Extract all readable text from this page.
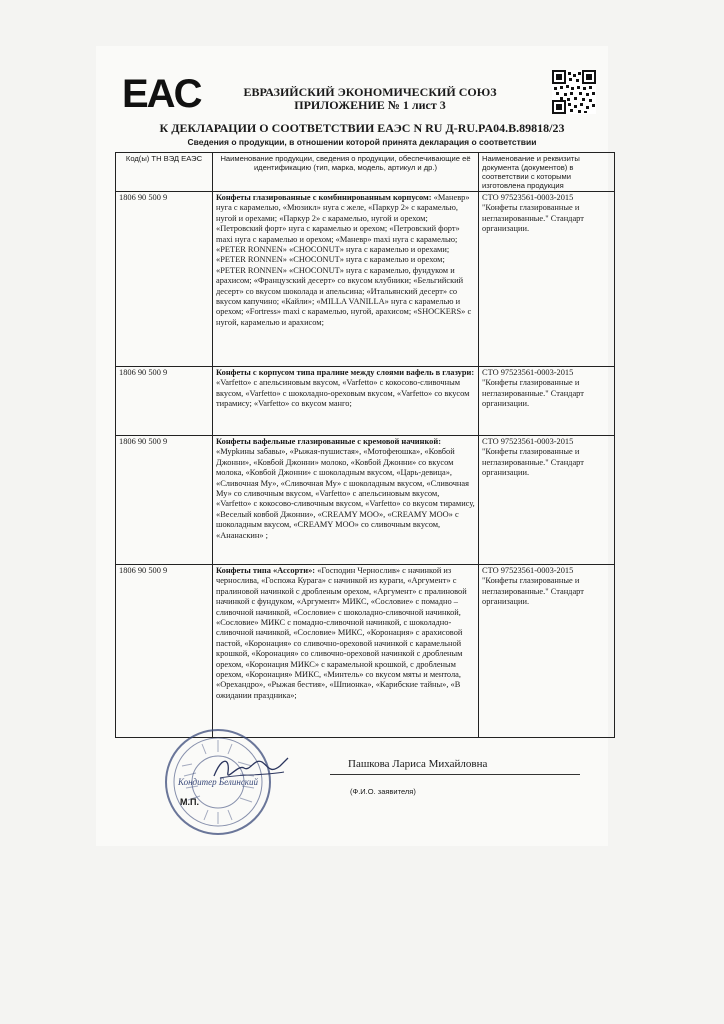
EAC	ЕВРАЗИЙСКИЙ ЭКОНОМИЧЕСКИЙ СОЮЗ
ПРИЛОЖЕНИЕ № 1 лист 3
К ДЕКЛАРАЦИИ О СООТВЕТСТВИИ ЕАЭС N RU Д-RU.PA04.B.89818/23
Сведения о продукции, в отношении которой принята декларация о соответствии
Код(ы) ТН ВЭД ЕАЭС	Наименование продукции, сведения о продукции, обеспечивающие её идентификацию (тип, марка, модель, артикул и др.)	Наименование и реквизиты документа (документов) в соответствии с которыми изготовлена продукция
1806 90 500 9	Конфеты глазированные с комбинированным корпусом: «Маневр» нуга с карамелью, «Мюзикл» нуга с желе, «Паркур 2» с карамелью, нугой и орехами; «Паркур 2» с карамелью, нугой и орехом; «Петровский форт» нуга с карамелью и орехом; «Петровский форт» maxi нуга с карамелью и орехом; «Маневр» maxi нуга с карамелью; «PETER RONNEN» «CHOCONUT» нуга с карамелью и орехами; «PETER RONNEN» «CHOCONUT» нуга с карамелью и орехом; «PETER RONNEN» «CHOCONUT» нуга с карамелью, фундуком и арахисом; «Французский десерт» со вкусом клубники; «Бельгийский десерт» со вкусом шоколада и апельсина; «Итальянский десерт» со вкусом капучино; «Кайли»; «MILLA VANILLA» нуга с карамелью и орехом; «Fortress» maxi с карамелью, нугой, арахисом; «SHOCKERS» с нугой, карамелью и арахисом;	СТО 97523561-0003-2015 "Конфеты глазированные и неглазированные." Стандарт организации.
1806 90 500 9	Конфеты с корпусом типа пралине между слоями вафель в глазури: «Varfetto» с апельсиновым вкусом, «Varfetto» с кокосово-сливочным вкусом, «Varfetto» с шоколадно-ореховым вкусом, «Varfetto» со вкусом тирамису; «Varfetto» со вкусом манго;	СТО 97523561-0003-2015 "Конфеты глазированные и неглазированные." Стандарт организации.
1806 90 500 9	Конфеты вафельные глазированные с кремовой начинкой: «Мурkины забавы», «Рыжая-пушистая», «Мотофеюшка», «Ковбой Джонни», «Ковбой Джонни» молоко, «Ковбой Джонни» со вкусом молока, «Ковбой Джонни» с шоколадным вкусом, «Царь-девица», «Сливочная Му», «Сливочная Му» с шоколадным вкусом, «Сливочная Му» со сливочным вкусом, «Varfetto» с апельсиновым вкусом, «Varfetto» с кокосово-сливочным вкусом, «Varfetto» со вкусом тирамису, «Веселый ковбой Джонни», «CREAMY MOO», «CREAMY MOO» с шоколадным вкусом, «CREAMY MOO» со сливочным вкусом, «Ананаскин» ;	СТО 97523561-0003-2015 "Конфеты глазированные и неглазированные." Стандарт организации.
1806 90 500 9	Конфеты типа «Ассорти»: «Господин Чернослив» с начинкой из чернослива, «Госпожа Курага» с начинкой из кураги, «Аргумент» с пралиновой начинкой с дробленым орехом, «Аргумент» с пралиновой начинкой с фундуком, «Аргумент» МИКС, «Сословие» с помадно – сливочной начинкой, «Сословие» с шоколадно-сливочной начинкой, «Сословие» МИКС с помадно-сливочной начинкой, с шоколадно-сливочной начинкой, «Сословие» МИКС, «Коронация» с арахисовой пастой, «Коронация» со сливочно-ореховой начинкой с карамельной крошкой, «Коронация» со сливочно-ореховой начинкой с дробленым орехом, «Коронация МИКС» с карамельной крошкой, с дробленым орехом, «Коронация» МИКС, «Минтель» со вкусом мяты и ментола, «Орехандро», «Рыжая бестия», «Шпионка», «Карибские тайны», «В ожидании праздника»;	СТО 97523561-0003-2015 "Конфеты глазированные и неглазированные." Стандарт организации.
Кондитер Белинский
М.П.
Пашкова Лариса Михайловна
(Ф.И.О. заявителя)
